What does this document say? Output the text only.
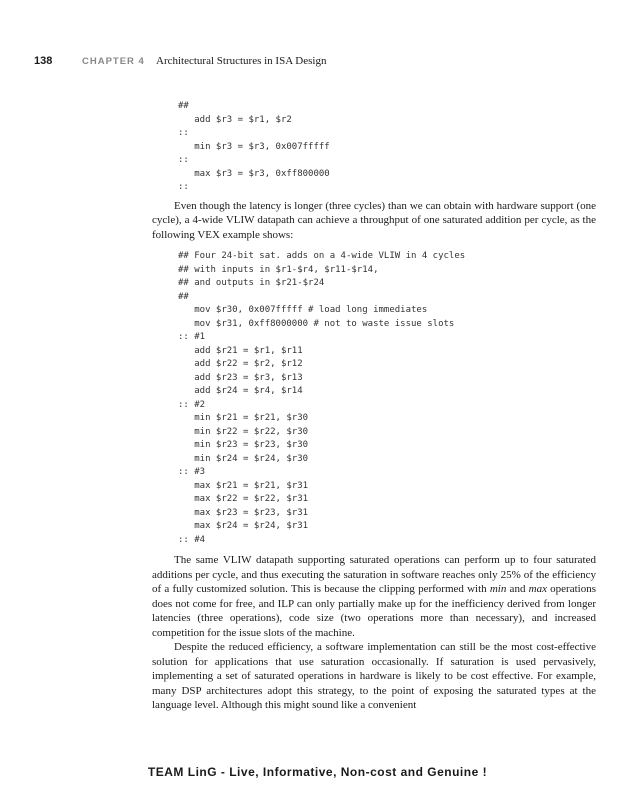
138	CHAPTER 4 Architectural Structures in ISA Design
##
add $r3 = $r1, $r2
::
min $r3 = $r3, 0x007fffff
::
max $r3 = $r3, 0xff800000
::

Even though the latency is longer (three cycles) than we can obtain with hardware support (one cycle), a 4-wide VLIW datapath can achieve a throughput of one saturated addition per cycle, as the following VEX example shows:

## Four 24-bit sat. adds on a 4-wide VLIW in 4 cycles
## with inputs in $r1-$r4, $r11-$r14,
## and outputs in $r21-$r24
##
mov $r30, 0x007fffff # load long immediates
mov $r31, 0xff8000000 # not to waste issue slots
:: #1
add $r21 = $r1, $r11
add $r22 = $r2, $r12
add $r23 = $r3, $r13
add $r24 = $r4, $r14
:: #2
min $r21 = $r21, $r30
min $r22 = $r22, $r30
min $r23 = $r23, $r30
min $r24 = $r24, $r30
:: #3
max $r21 = $r21, $r31
max $r22 = $r22, $r31
max $r23 = $r23, $r31
max $r24 = $r24, $r31
:: #4

The same VLIW datapath supporting saturated operations can perform up to four saturated additions per cycle, and thus executing the saturation in software reaches only 25% of the efficiency of a fully customized solution. This is because the clipping performed with min and max operations does not come for free, and ILP can only partially make up for the inefficiency derived from longer latencies (three operations), code size (two operations more than necessary), and increased competition for the issue slots of the machine.

Despite the reduced efficiency, a software implementation can still be the most cost-effective solution for applications that use saturation occasionally. If saturation is used pervasively, implementing a set of saturated operations in hardware is likely to be cost effective. For example, many DSP architectures adopt this strategy, to the point of exposing the saturated types at the language level. Although this might sound like a convenient

TEAM LinG - Live, Informative, Non-cost and Genuine !
